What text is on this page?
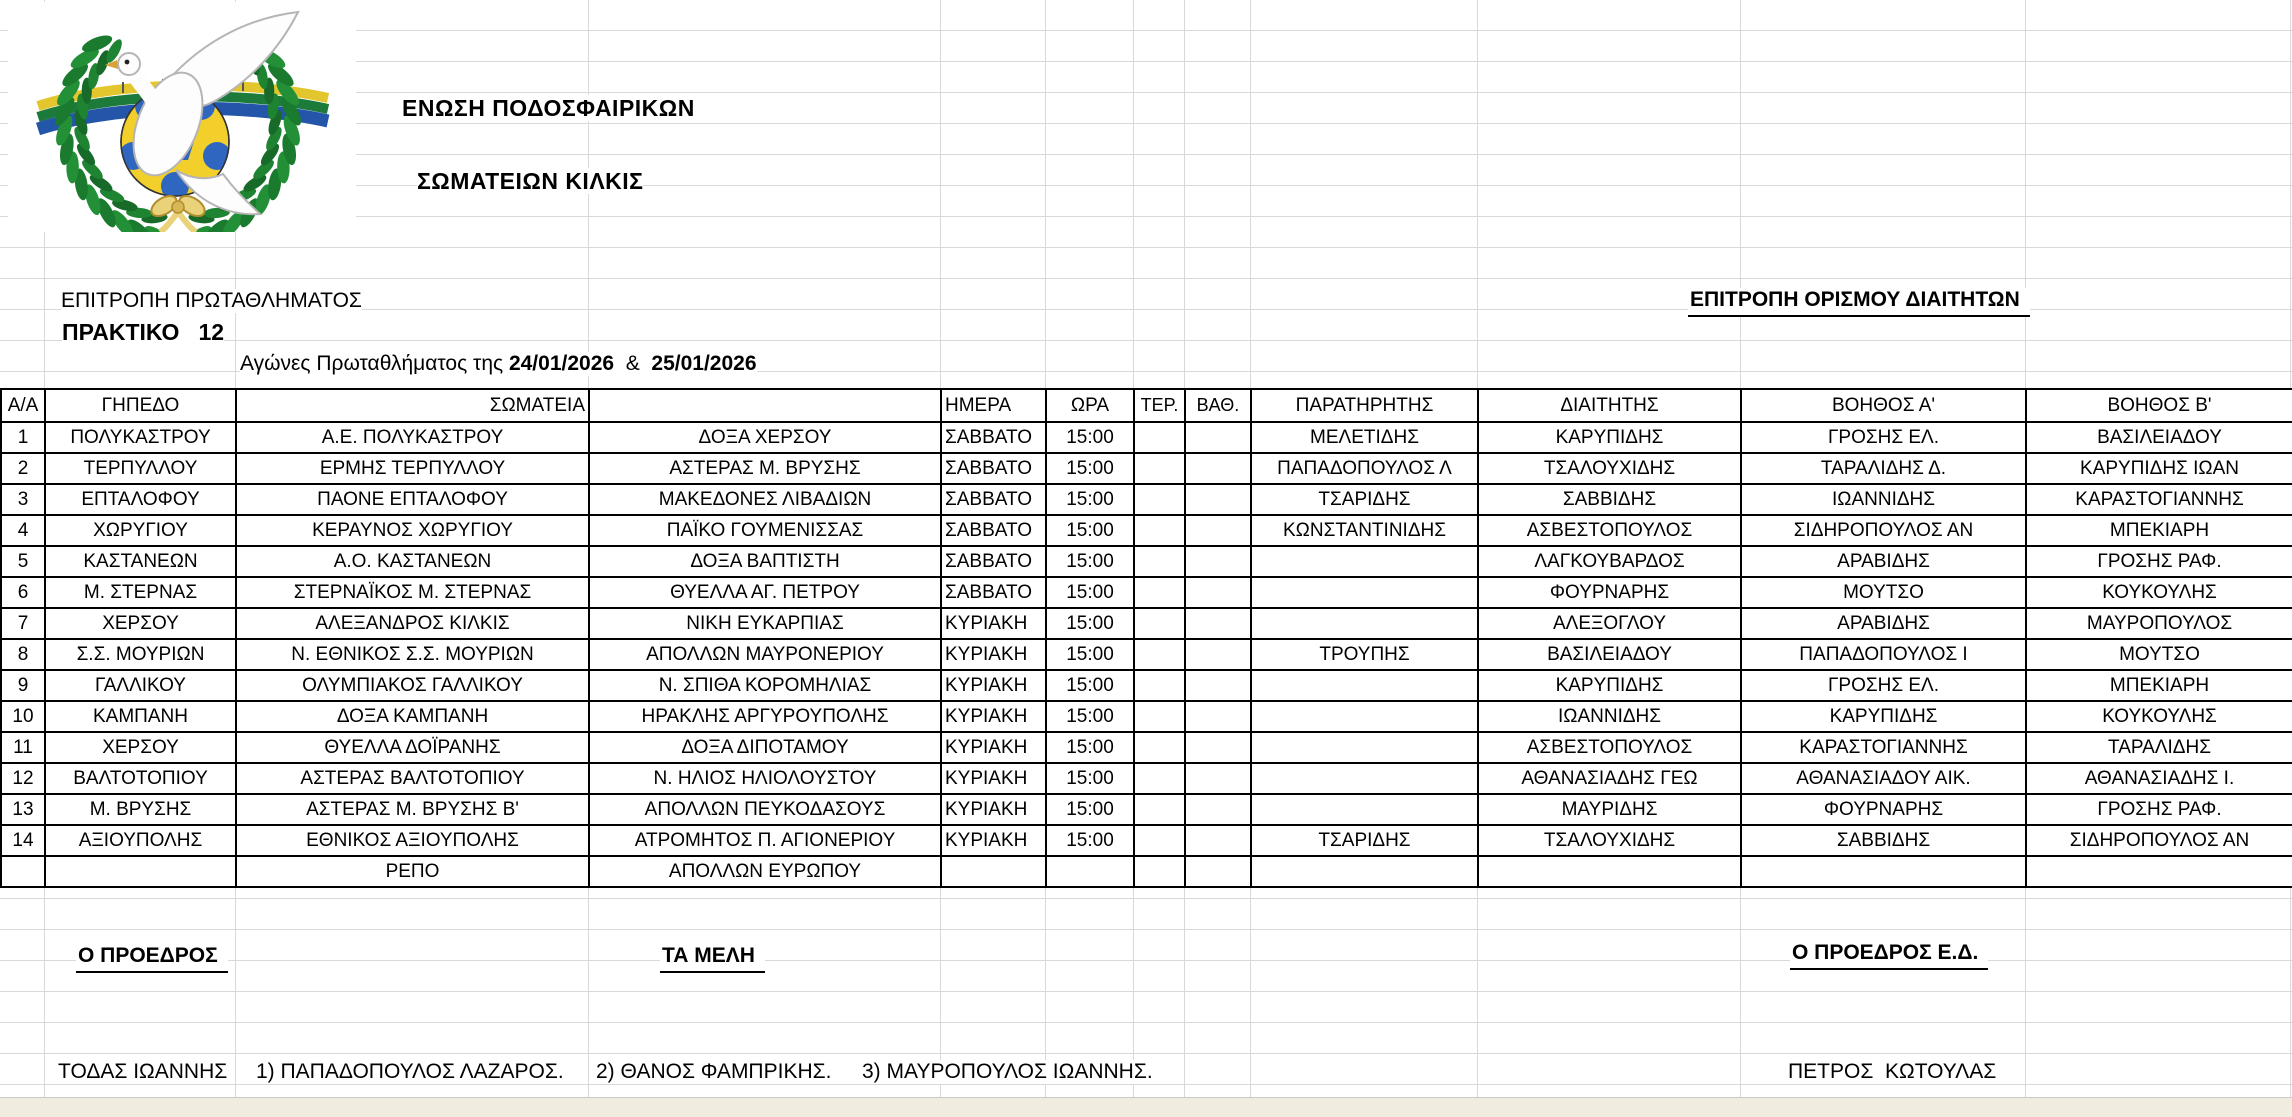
ΕΝΩΣΗ ΠΟΔΟΣΦΑΙΡΙΚΩΝ
ΣΩΜΑΤΕΙΩΝ ΚΙΛΚΙΣ
ΕΠΙΤΡΟΠΗ ΠΡΩΤΑΘΛΗΜΑΤΟΣ
ΠΡΑΚΤΙΚΟ   12
Αγώνες Πρωταθλήματος της 24/01/2026  &  25/01/2026
ΕΠΙΤΡΟΠΗ ΟΡΙΣΜΟΥ ΔΙΑΙΤΗΤΩΝ
Α/Α	ΓΗΠΕΔΟ	ΣΩΜΑΤΕΙΑ		ΗΜΕΡΑ	ΩΡΑ	ΤΕΡ.	ΒΑΘ.	ΠΑΡΑΤΗΡΗΤΗΣ	ΔΙΑΙΤΗΤΗΣ	ΒΟΗΘΟΣ Α'	ΒΟΗΘΟΣ Β'
1	ΠΟΛΥΚΑΣΤΡΟΥ	Α.Ε. ΠΟΛΥΚΑΣΤΡΟΥ	ΔΟΞΑ ΧΕΡΣΟΥ	ΣΑΒΒΑΤΟ	15:00			ΜΕΛΕΤΙΔΗΣ	ΚΑΡΥΠΙΔΗΣ	ΓΡΟΣΗΣ ΕΛ.	ΒΑΣΙΛΕΙΑΔΟΥ
2	ΤΕΡΠΥΛΛΟΥ	ΕΡΜΗΣ ΤΕΡΠΥΛΛΟΥ	ΑΣΤΕΡΑΣ Μ. ΒΡΥΣΗΣ	ΣΑΒΒΑΤΟ	15:00			ΠΑΠΑΔΟΠΟΥΛΟΣ Λ	ΤΣΑΛΟΥΧΙΔΗΣ	ΤΑΡΑΛΙΔΗΣ Δ.	ΚΑΡΥΠΙΔΗΣ ΙΩΑΝ
3	ΕΠΤΑΛΟΦΟΥ	ΠΑΟΝΕ ΕΠΤΑΛΟΦΟΥ	ΜΑΚΕΔΟΝΕΣ ΛΙΒΑΔΙΩΝ	ΣΑΒΒΑΤΟ	15:00			ΤΣΑΡΙΔΗΣ	ΣΑΒΒΙΔΗΣ	ΙΩΑΝΝΙΔΗΣ	ΚΑΡΑΣΤΟΓΙΑΝΝΗΣ
4	ΧΩΡΥΓΙΟΥ	ΚΕΡΑΥΝΟΣ ΧΩΡΥΓΙΟΥ	ΠΑΪΚΟ ΓΟΥΜΕΝΙΣΣΑΣ	ΣΑΒΒΑΤΟ	15:00			ΚΩΝΣΤΑΝΤΙΝΙΔΗΣ	ΑΣΒΕΣΤΟΠΟΥΛΟΣ	ΣΙΔΗΡΟΠΟΥΛΟΣ ΑΝ	ΜΠΕΚΙΑΡΗ
5	ΚΑΣΤΑΝΕΩΝ	Α.Ο. ΚΑΣΤΑΝΕΩΝ	ΔΟΞΑ ΒΑΠΤΙΣΤΗ	ΣΑΒΒΑΤΟ	15:00				ΛΑΓΚΟΥΒΑΡΔΟΣ	ΑΡΑΒΙΔΗΣ	ΓΡΟΣΗΣ ΡΑΦ.
6	Μ. ΣΤΕΡΝΑΣ	ΣΤΕΡΝΑΪΚΟΣ Μ. ΣΤΕΡΝΑΣ	ΘΥΕΛΛΑ ΑΓ. ΠΕΤΡΟΥ	ΣΑΒΒΑΤΟ	15:00				ΦΟΥΡΝΑΡΗΣ	ΜΟΥΤΣΟ	ΚΟΥΚΟΥΛΗΣ
7	ΧΕΡΣΟΥ	ΑΛΕΞΑΝΔΡΟΣ ΚΙΛΚΙΣ	ΝΙΚΗ ΕΥΚΑΡΠΙΑΣ	ΚΥΡΙΑΚΗ	15:00				ΑΛΕΞΟΓΛΟΥ	ΑΡΑΒΙΔΗΣ	ΜΑΥΡΟΠΟΥΛΟΣ
8	Σ.Σ. ΜΟΥΡΙΩΝ	Ν. ΕΘΝΙΚΟΣ Σ.Σ. ΜΟΥΡΙΩΝ	ΑΠΟΛΛΩΝ ΜΑΥΡΟΝΕΡΙΟΥ	ΚΥΡΙΑΚΗ	15:00			ΤΡΟΥΠΗΣ	ΒΑΣΙΛΕΙΑΔΟΥ	ΠΑΠΑΔΟΠΟΥΛΟΣ Ι	ΜΟΥΤΣΟ
9	ΓΑΛΛΙΚΟΥ	ΟΛΥΜΠΙΑΚΟΣ ΓΑΛΛΙΚΟΥ	Ν. ΣΠΙΘΑ ΚΟΡΟΜΗΛΙΑΣ	ΚΥΡΙΑΚΗ	15:00				ΚΑΡΥΠΙΔΗΣ	ΓΡΟΣΗΣ ΕΛ.	ΜΠΕΚΙΑΡΗ
10	ΚΑΜΠΑΝΗ	ΔΟΞΑ ΚΑΜΠΑΝΗ	ΗΡΑΚΛΗΣ ΑΡΓΥΡΟΥΠΟΛΗΣ	ΚΥΡΙΑΚΗ	15:00				ΙΩΑΝΝΙΔΗΣ	ΚΑΡΥΠΙΔΗΣ	ΚΟΥΚΟΥΛΗΣ
11	ΧΕΡΣΟΥ	ΘΥΕΛΛΑ ΔΟΪΡΑΝΗΣ	ΔΟΞΑ ΔΙΠΟΤΑΜΟΥ	ΚΥΡΙΑΚΗ	15:00				ΑΣΒΕΣΤΟΠΟΥΛΟΣ	ΚΑΡΑΣΤΟΓΙΑΝΝΗΣ	ΤΑΡΑΛΙΔΗΣ
12	ΒΑΛΤΟΤΟΠΙΟΥ	ΑΣΤΕΡΑΣ ΒΑΛΤΟΤΟΠΙΟΥ	Ν. ΗΛΙΟΣ ΗΛΙΟΛΟΥΣΤΟΥ	ΚΥΡΙΑΚΗ	15:00				ΑΘΑΝΑΣΙΑΔΗΣ ΓΕΩ	ΑΘΑΝΑΣΙΑΔΟΥ ΑΙΚ.	ΑΘΑΝΑΣΙΑΔΗΣ Ι.
13	Μ. ΒΡΥΣΗΣ	ΑΣΤΕΡΑΣ Μ. ΒΡΥΣΗΣ Β'	ΑΠΟΛΛΩΝ ΠΕΥΚΟΔΑΣΟΥΣ	ΚΥΡΙΑΚΗ	15:00				ΜΑΥΡΙΔΗΣ	ΦΟΥΡΝΑΡΗΣ	ΓΡΟΣΗΣ ΡΑΦ.
14	ΑΞΙΟΥΠΟΛΗΣ	ΕΘΝΙΚΟΣ ΑΞΙΟΥΠΟΛΗΣ	ΑΤΡΟΜΗΤΟΣ Π. ΑΓΙΟΝΕΡΙΟΥ	ΚΥΡΙΑΚΗ	15:00			ΤΣΑΡΙΔΗΣ	ΤΣΑΛΟΥΧΙΔΗΣ	ΣΑΒΒΙΔΗΣ	ΣΙΔΗΡΟΠΟΥΛΟΣ ΑΝ
		ΡΕΠΟ	ΑΠΟΛΛΩΝ ΕΥΡΩΠΟΥ								
Ο ΠΡΟΕΔΡΟΣ	ΤΑ ΜΕΛΗ	Ο ΠΡΟΕΔΡΟΣ Ε.Δ.
ΤΟΔΑΣ ΙΩΑΝΝΗΣ 1) ΠΑΠΑΔΟΠΟΥΛΟΣ ΛΑΖΑΡΟΣ. 2) ΘΑΝΟΣ ΦΑΜΠΡΙΚΗΣ. 3) ΜΑΥΡΟΠΟΥΛΟΣ ΙΩΑΝΝΗΣ.	ΠΕΤΡΟΣ  ΚΩΤΟΥΛΑΣ
